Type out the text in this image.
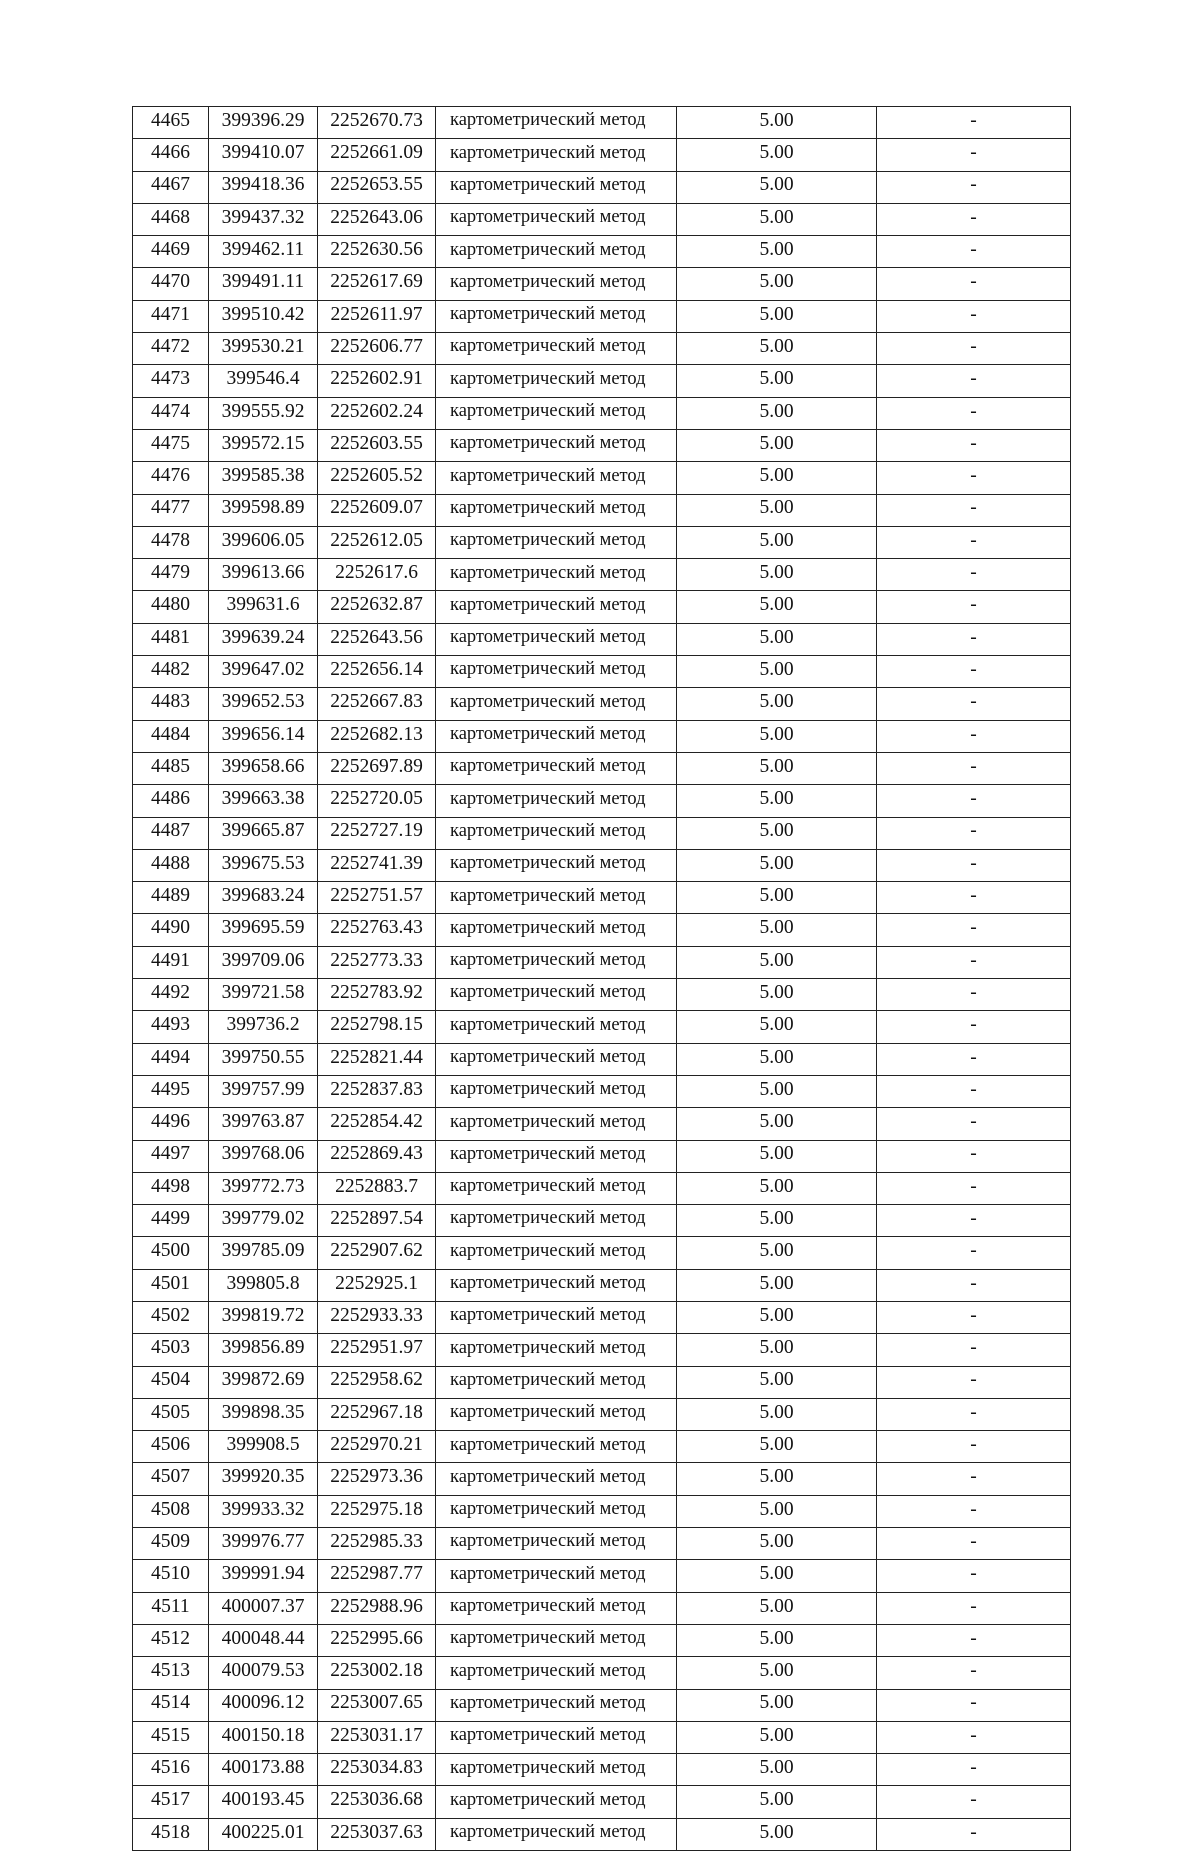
4465	399396.29	2252670.73	картометрический метод	5.00	-
4466	399410.07	2252661.09	картометрический метод	5.00	-
4467	399418.36	2252653.55	картометрический метод	5.00	-
4468	399437.32	2252643.06	картометрический метод	5.00	-
4469	399462.11	2252630.56	картометрический метод	5.00	-
4470	399491.11	2252617.69	картометрический метод	5.00	-
4471	399510.42	2252611.97	картометрический метод	5.00	-
4472	399530.21	2252606.77	картометрический метод	5.00	-
4473	399546.4	2252602.91	картометрический метод	5.00	-
4474	399555.92	2252602.24	картометрический метод	5.00	-
4475	399572.15	2252603.55	картометрический метод	5.00	-
4476	399585.38	2252605.52	картометрический метод	5.00	-
4477	399598.89	2252609.07	картометрический метод	5.00	-
4478	399606.05	2252612.05	картометрический метод	5.00	-
4479	399613.66	2252617.6	картометрический метод	5.00	-
4480	399631.6	2252632.87	картометрический метод	5.00	-
4481	399639.24	2252643.56	картометрический метод	5.00	-
4482	399647.02	2252656.14	картометрический метод	5.00	-
4483	399652.53	2252667.83	картометрический метод	5.00	-
4484	399656.14	2252682.13	картометрический метод	5.00	-
4485	399658.66	2252697.89	картометрический метод	5.00	-
4486	399663.38	2252720.05	картометрический метод	5.00	-
4487	399665.87	2252727.19	картометрический метод	5.00	-
4488	399675.53	2252741.39	картометрический метод	5.00	-
4489	399683.24	2252751.57	картометрический метод	5.00	-
4490	399695.59	2252763.43	картометрический метод	5.00	-
4491	399709.06	2252773.33	картометрический метод	5.00	-
4492	399721.58	2252783.92	картометрический метод	5.00	-
4493	399736.2	2252798.15	картометрический метод	5.00	-
4494	399750.55	2252821.44	картометрический метод	5.00	-
4495	399757.99	2252837.83	картометрический метод	5.00	-
4496	399763.87	2252854.42	картометрический метод	5.00	-
4497	399768.06	2252869.43	картометрический метод	5.00	-
4498	399772.73	2252883.7	картометрический метод	5.00	-
4499	399779.02	2252897.54	картометрический метод	5.00	-
4500	399785.09	2252907.62	картометрический метод	5.00	-
4501	399805.8	2252925.1	картометрический метод	5.00	-
4502	399819.72	2252933.33	картометрический метод	5.00	-
4503	399856.89	2252951.97	картометрический метод	5.00	-
4504	399872.69	2252958.62	картометрический метод	5.00	-
4505	399898.35	2252967.18	картометрический метод	5.00	-
4506	399908.5	2252970.21	картометрический метод	5.00	-
4507	399920.35	2252973.36	картометрический метод	5.00	-
4508	399933.32	2252975.18	картометрический метод	5.00	-
4509	399976.77	2252985.33	картометрический метод	5.00	-
4510	399991.94	2252987.77	картометрический метод	5.00	-
4511	400007.37	2252988.96	картометрический метод	5.00	-
4512	400048.44	2252995.66	картометрический метод	5.00	-
4513	400079.53	2253002.18	картометрический метод	5.00	-
4514	400096.12	2253007.65	картометрический метод	5.00	-
4515	400150.18	2253031.17	картометрический метод	5.00	-
4516	400173.88	2253034.83	картометрический метод	5.00	-
4517	400193.45	2253036.68	картометрический метод	5.00	-
4518	400225.01	2253037.63	картометрический метод	5.00	-
